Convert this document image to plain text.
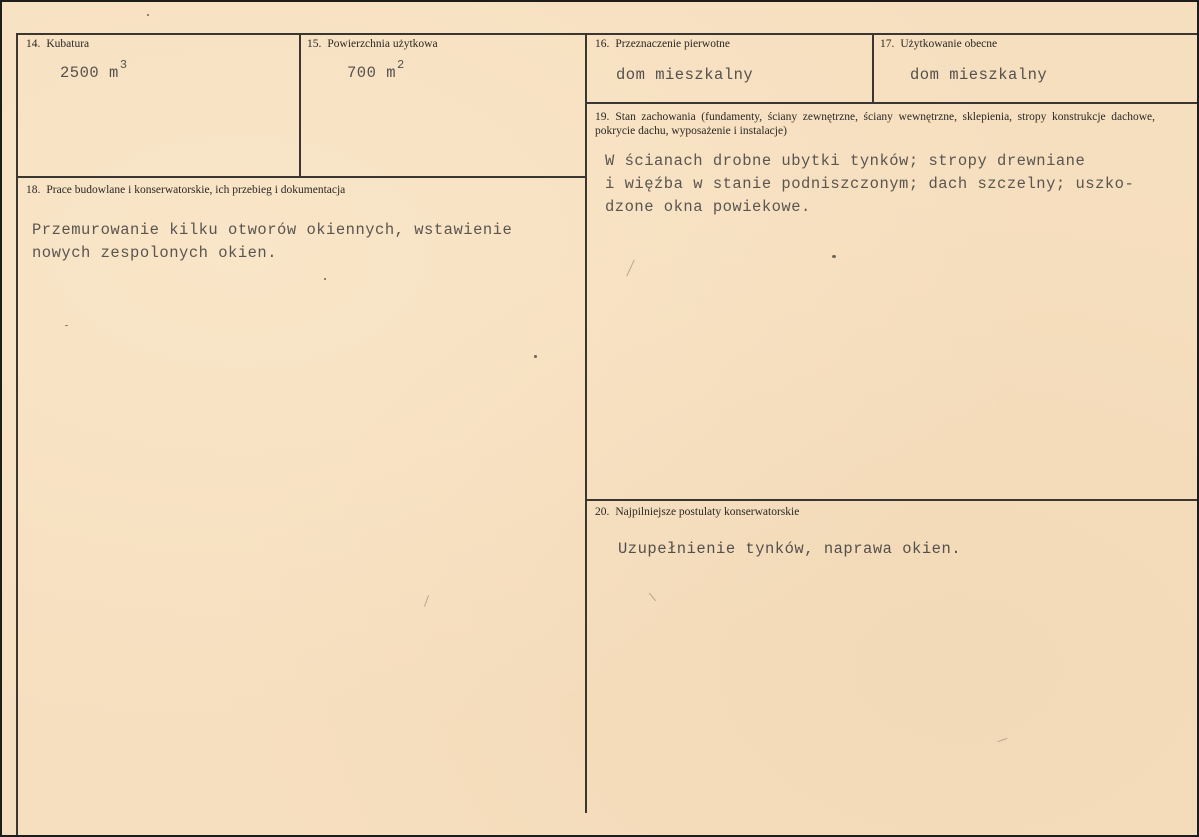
14. Kubatura
2500 $m^3$
15. Powierzchnia użytkowa
700 $m^2$
16. Przeznaczenie pierwotne
dom mieszkalny
17. Użytkowanie obecne
dom mieszkalny
19. Stan zachowania (fundamenty, ściany zewnętrzne, ściany wewnętrzne, sklepienia, stropy konstrukcje dachowe, pokrycie dachu, wyposażenie i instalacje)
W ścianach drobne ubytki tynków; stropy drewniane
i więźba w stanie podniszczonym; dach szczelny; uszko-
dzone okna powiekowe.
18. Prace budowlane i konserwatorskie, ich przebieg i dokumentacja
Przemurowanie kilku otworów okiennych, wstawienie
nowych zespolonych okien.
20. Najpilniejsze postulaty konserwatorskie
Uzupełnienie tynków, naprawa okien.
